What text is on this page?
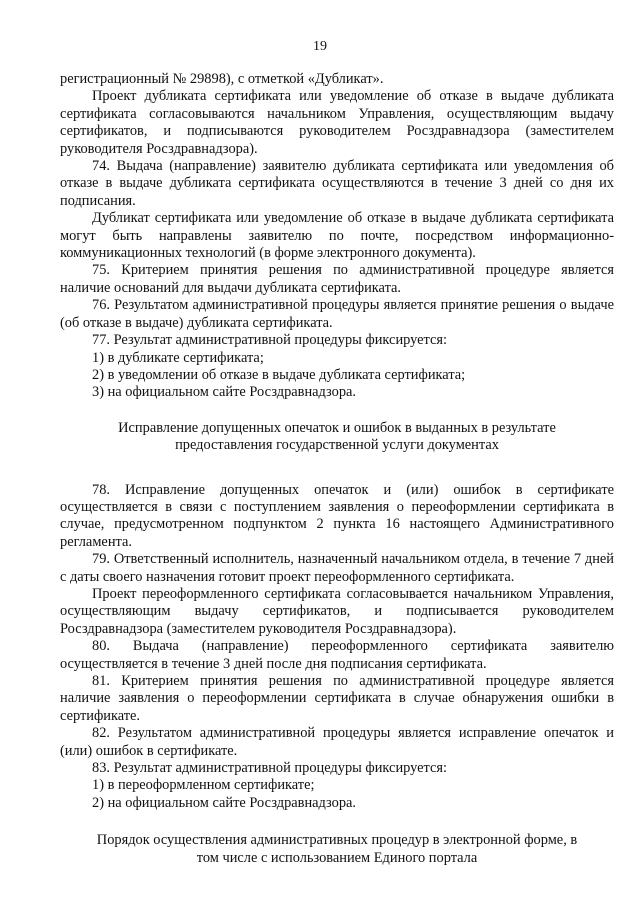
19

регистрационный № 29898), с отметкой «Дубликат».

Проект дубликата сертификата или уведомление об отказе в выдаче дубликата сертификата согласовываются начальником Управления, осуществляющим выдачу сертификатов, и подписываются руководителем Росздравнадзора (заместителем руководителя Росздравнадзора).

74. Выдача (направление) заявителю дубликата сертификата или уведомления об отказе в выдаче дубликата сертификата осуществляются в течение 3 дней со дня их подписания.

Дубликат сертификата или уведомление об отказе в выдаче дубликата сертификата могут быть направлены заявителю по почте, посредством информационно-коммуникационных технологий (в форме электронного документа).

75. Критерием принятия решения по административной процедуре является наличие оснований для выдачи дубликата сертификата.

76. Результатом административной процедуры является принятие решения о выдаче (об отказе в выдаче) дубликата сертификата.

77. Результат административной процедуры фиксируется:

1) в дубликате сертификата;

2) в уведомлении об отказе в выдаче дубликата сертификата;

3) на официальном сайте Росздравнадзора.

Исправление допущенных опечаток и ошибок в выданных в результате
предоставления государственной услуги документах

78. Исправление допущенных опечаток и (или) ошибок в сертификате осуществляется в связи с поступлением заявления о переоформлении сертификата в случае, предусмотренном подпунктом 2 пункта 16 настоящего Административного регламента.

79. Ответственный исполнитель, назначенный начальником отдела, в течение 7 дней с даты своего назначения готовит проект переоформленного сертификата.

Проект переоформленного сертификата согласовывается начальником Управления, осуществляющим выдачу сертификатов, и подписывается руководителем Росздравнадзора (заместителем руководителя Росздравнадзора).

80. Выдача (направление) переоформленного сертификата заявителю осуществляется в течение 3 дней после дня подписания сертификата.

81. Критерием принятия решения по административной процедуре является наличие заявления о переоформлении сертификата в случае обнаружения ошибки в сертификате.

82. Результатом административной процедуры является исправление опечаток и (или) ошибок в сертификате.

83. Результат административной процедуры фиксируется:

1) в переоформленном сертификате;

2) на официальном сайте Росздравнадзора.

Порядок осуществления административных процедур в электронной форме, в
том числе с использованием Единого портала
